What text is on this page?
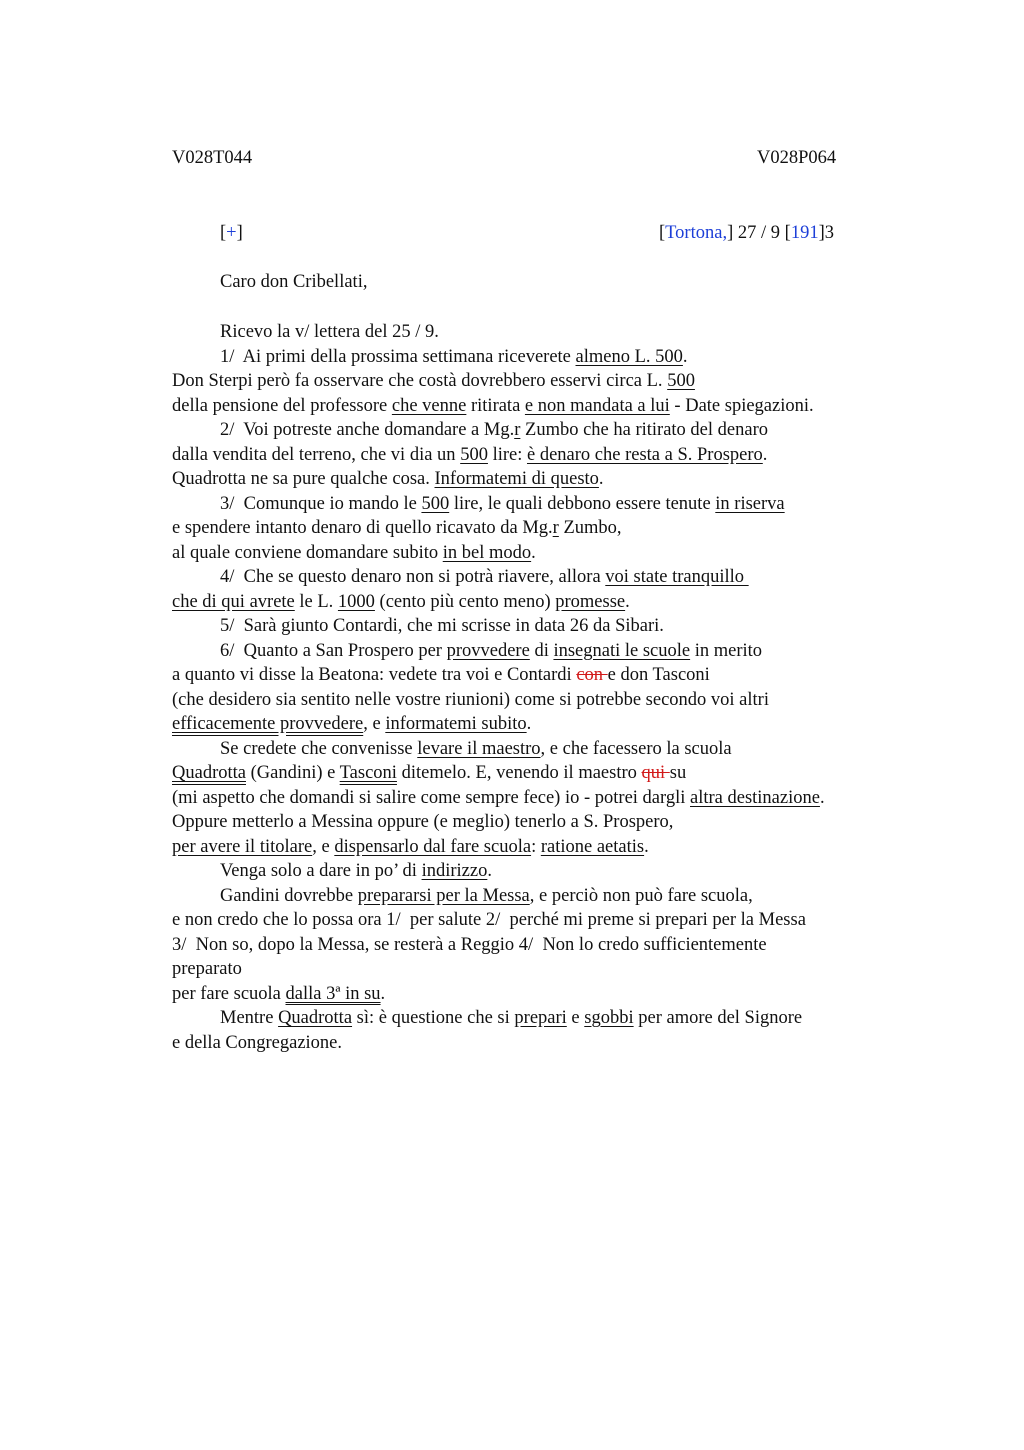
V028T044	V028P064
[+]	[Tortona,] 27 / 9 [191]3
Caro don Cribellati,
Ricevo la v/ lettera del 25 / 9.
1/  Ai primi della prossima settimana riceverete almeno L. 500.
Don Sterpi però fa osservare che costà dovrebbero esservi circa L. 500
della pensione del professore che venne ritirata e non mandata a lui - Date spiegazioni.
2/  Voi potreste anche domandare a Mg.r Zumbo che ha ritirato del denaro
dalla vendita del terreno, che vi dia un 500 lire: è denaro che resta a S. Prospero.
Quadrotta ne sa pure qualche cosa. Informatemi di questo.
3/  Comunque io mando le 500 lire, le quali debbono essere tenute in riserva
e spendere intanto denaro di quello ricavato da Mg.r Zumbo,
al quale conviene domandare subito in bel modo.
4/  Che se questo denaro non si potrà riavere, allora voi state tranquillo
che di qui avrete le L. 1000 (cento più cento meno) promesse.
5/  Sarà giunto Contardi, che mi scrisse in data 26 da Sibari.
6/  Quanto a San Prospero per provvedere di insegnati le scuole in merito
a quanto vi disse la Beatona: vedete tra voi e Contardi con e don Tasconi
(che desidero sia sentito nelle vostre riunioni) come si potrebbe secondo voi altri
efficacemente provvedere, e informatemi subito.
Se credete che convenisse levare il maestro, e che facessero la scuola
Quadrotta (Gandini) e Tasconi ditemelo. E, venendo il maestro qui su
(mi aspetto che domandi si salire come sempre fece) io - potrei dargli altra destinazione.
Oppure metterlo a Messina oppure (e meglio) tenerlo a S. Prospero,
per avere il titolare, e dispensarlo dal fare scuola: ratione aetatis.
Venga solo a dare in po’ di indirizzo.
Gandini dovrebbe prepararsi per la Messa, e perciò non può fare scuola,
e non credo che lo possa ora 1/  per salute 2/  perché mi preme si prepari per la Messa
3/  Non so, dopo la Messa, se resterà a Reggio 4/  Non lo credo sufficientemente
preparato
per fare scuola dalla 3ª in su.
Mentre Quadrotta sì: è questione che si prepari e sgobbi per amore del Signore
e della Congregazione.
